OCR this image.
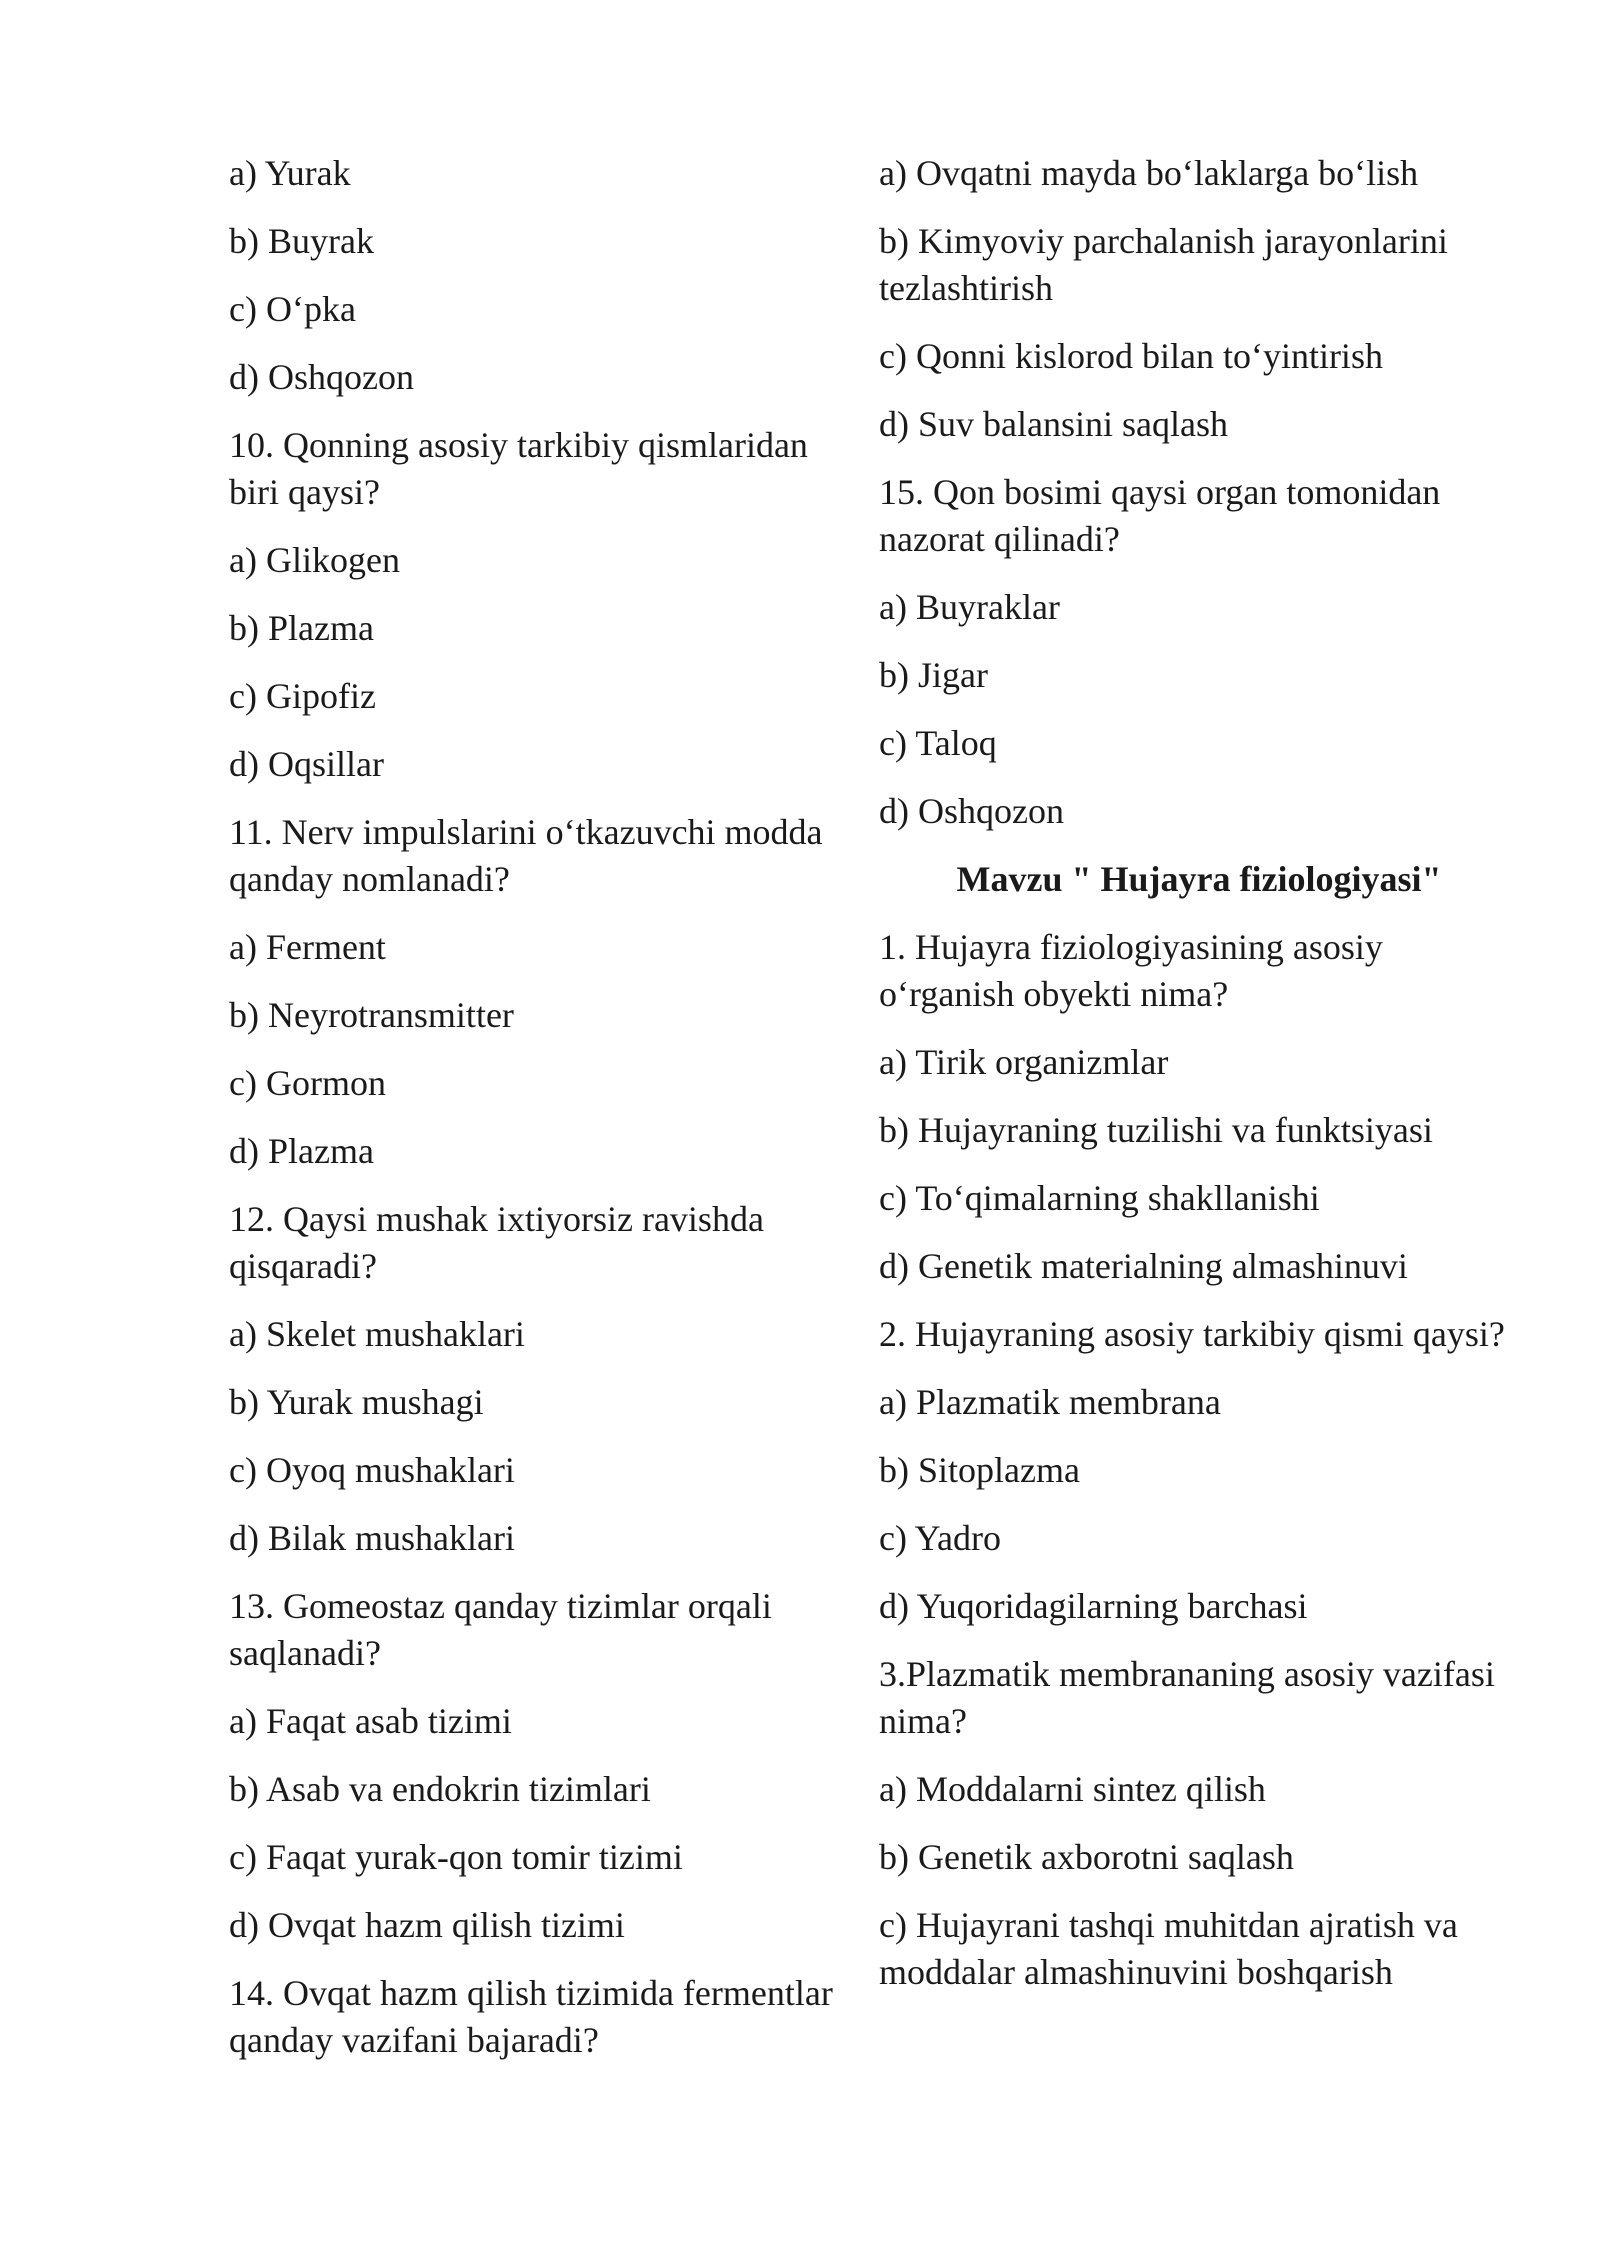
a) Yurak

b) Buyrak

c) O‘pka

d) Oshqozon

10. Qonning asosiy tarkibiy qismlaridan biri qaysi?

a) Glikogen

b) Plazma

c) Gipofiz

d) Oqsillar

11. Nerv impulslarini o‘tkazuvchi modda qanday nomlanadi?

a) Ferment

b) Neyrotransmitter

c) Gormon

d) Plazma

12. Qaysi mushak ixtiyorsiz ravishda qisqaradi?

a) Skelet mushaklari

b) Yurak mushagi

c) Oyoq mushaklari

d) Bilak mushaklari

13. Gomeostaz qanday tizimlar orqali saqlanadi?

a) Faqat asab tizimi

b) Asab va endokrin tizimlari

c) Faqat yurak-qon tomir tizimi

d) Ovqat hazm qilish tizimi

14. Ovqat hazm qilish tizimida fermentlar qanday vazifani bajaradi?

a) Ovqatni mayda bo‘laklarga bo‘lish

b) Kimyoviy parchalanish jarayonlarini tezlashtirish

c) Qonni kislorod bilan to‘yintirish

d) Suv balansini saqlash

15. Qon bosimi qaysi organ tomonidan nazorat qilinadi?

a) Buyraklar

b) Jigar

c) Taloq

d) Oshqozon

Mavzu " Hujayra fiziologiyasi"

1. Hujayra fiziologiyasining asosiy o‘rganish obyekti nima?

a) Tirik organizmlar

b) Hujayraning tuzilishi va funktsiyasi

c) To‘qimalarning shakllanishi

d) Genetik materialning almashinuvi

2. Hujayraning asosiy tarkibiy qismi qaysi?

a) Plazmatik membrana

b) Sitoplazma

c) Yadro

d) Yuqoridagilarning barchasi

3.Plazmatik membrananing asosiy vazifasi nima?

a) Moddalarni sintez qilish

b) Genetik axborotni saqlash

c) Hujayrani tashqi muhitdan ajratish va moddalar almashinuvini boshqarish
